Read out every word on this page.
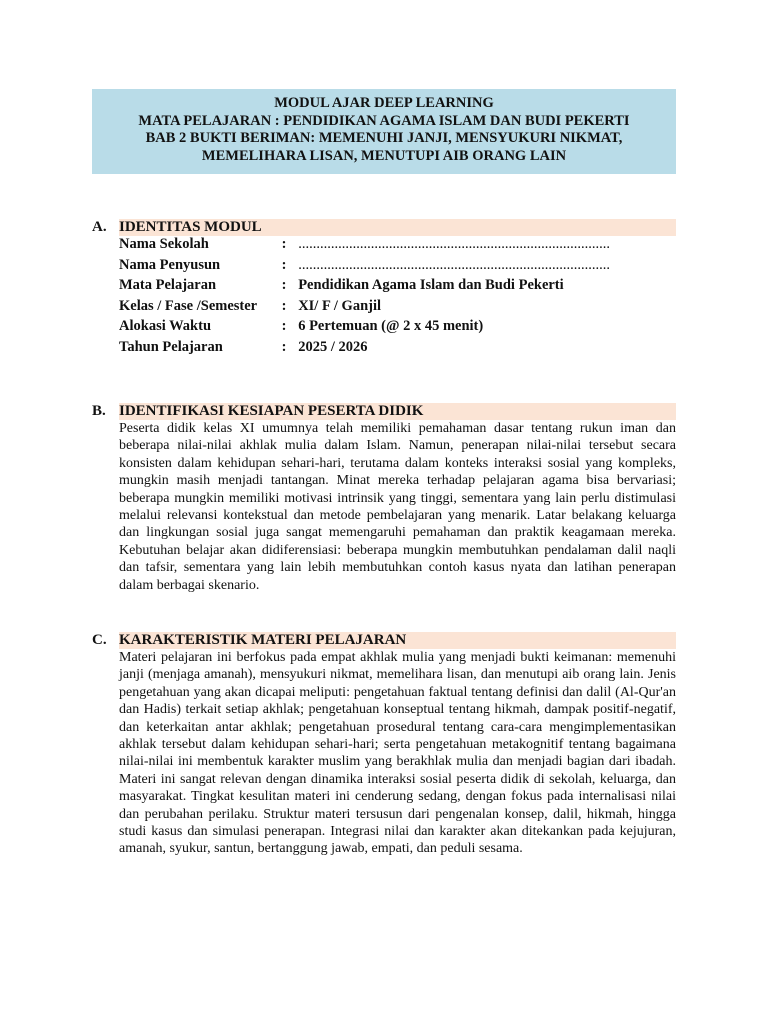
MODUL AJAR DEEP LEARNING
MATA PELAJARAN : PENDIDIKAN AGAMA ISLAM DAN BUDI PEKERTI
BAB 2 BUKTI BERIMAN: MEMENUHI JANJI, MENSYUKURI NIKMAT,
MEMELIHARA LISAN, MENUTUPI AIB ORANG LAIN
A. IDENTITAS MODUL
Nama Sekolah	:	......................................................................................
Nama Penyusun	:	......................................................................................
Mata Pelajaran	:	Pendidikan Agama Islam dan Budi Pekerti
Kelas / Fase /Semester	:	XI/ F / Ganjil
Alokasi Waktu	:	6 Pertemuan (@ 2 x 45 menit)
Tahun Pelajaran	:	2025 / 2026
B. IDENTIFIKASI KESIAPAN PESERTA DIDIK
Peserta didik kelas XI umumnya telah memiliki pemahaman dasar tentang rukun iman dan beberapa nilai-nilai akhlak mulia dalam Islam. Namun, penerapan nilai-nilai tersebut secara konsisten dalam kehidupan sehari-hari, terutama dalam konteks interaksi sosial yang kompleks, mungkin masih menjadi tantangan. Minat mereka terhadap pelajaran agama bisa bervariasi; beberapa mungkin memiliki motivasi intrinsik yang tinggi, sementara yang lain perlu distimulasi melalui relevansi kontekstual dan metode pembelajaran yang menarik. Latar belakang keluarga dan lingkungan sosial juga sangat memengaruhi pemahaman dan praktik keagamaan mereka. Kebutuhan belajar akan didiferensiasi: beberapa mungkin membutuhkan pendalaman dalil naqli dan tafsir, sementara yang lain lebih membutuhkan contoh kasus nyata dan latihan penerapan dalam berbagai skenario.
C. KARAKTERISTIK MATERI PELAJARAN
Materi pelajaran ini berfokus pada empat akhlak mulia yang menjadi bukti keimanan: memenuhi janji (menjaga amanah), mensyukuri nikmat, memelihara lisan, dan menutupi aib orang lain. Jenis pengetahuan yang akan dicapai meliputi: pengetahuan faktual tentang definisi dan dalil (Al-Qur'an dan Hadis) terkait setiap akhlak; pengetahuan konseptual tentang hikmah, dampak positif-negatif, dan keterkaitan antar akhlak; pengetahuan prosedural tentang cara-cara mengimplementasikan akhlak tersebut dalam kehidupan sehari-hari; serta pengetahuan metakognitif tentang bagaimana nilai-nilai ini membentuk karakter muslim yang berakhlak mulia dan menjadi bagian dari ibadah. Materi ini sangat relevan dengan dinamika interaksi sosial peserta didik di sekolah, keluarga, dan masyarakat. Tingkat kesulitan materi ini cenderung sedang, dengan fokus pada internalisasi nilai dan perubahan perilaku. Struktur materi tersusun dari pengenalan konsep, dalil, hikmah, hingga studi kasus dan simulasi penerapan. Integrasi nilai dan karakter akan ditekankan pada kejujuran, amanah, syukur, santun, bertanggung jawab, empati, dan peduli sesama.
